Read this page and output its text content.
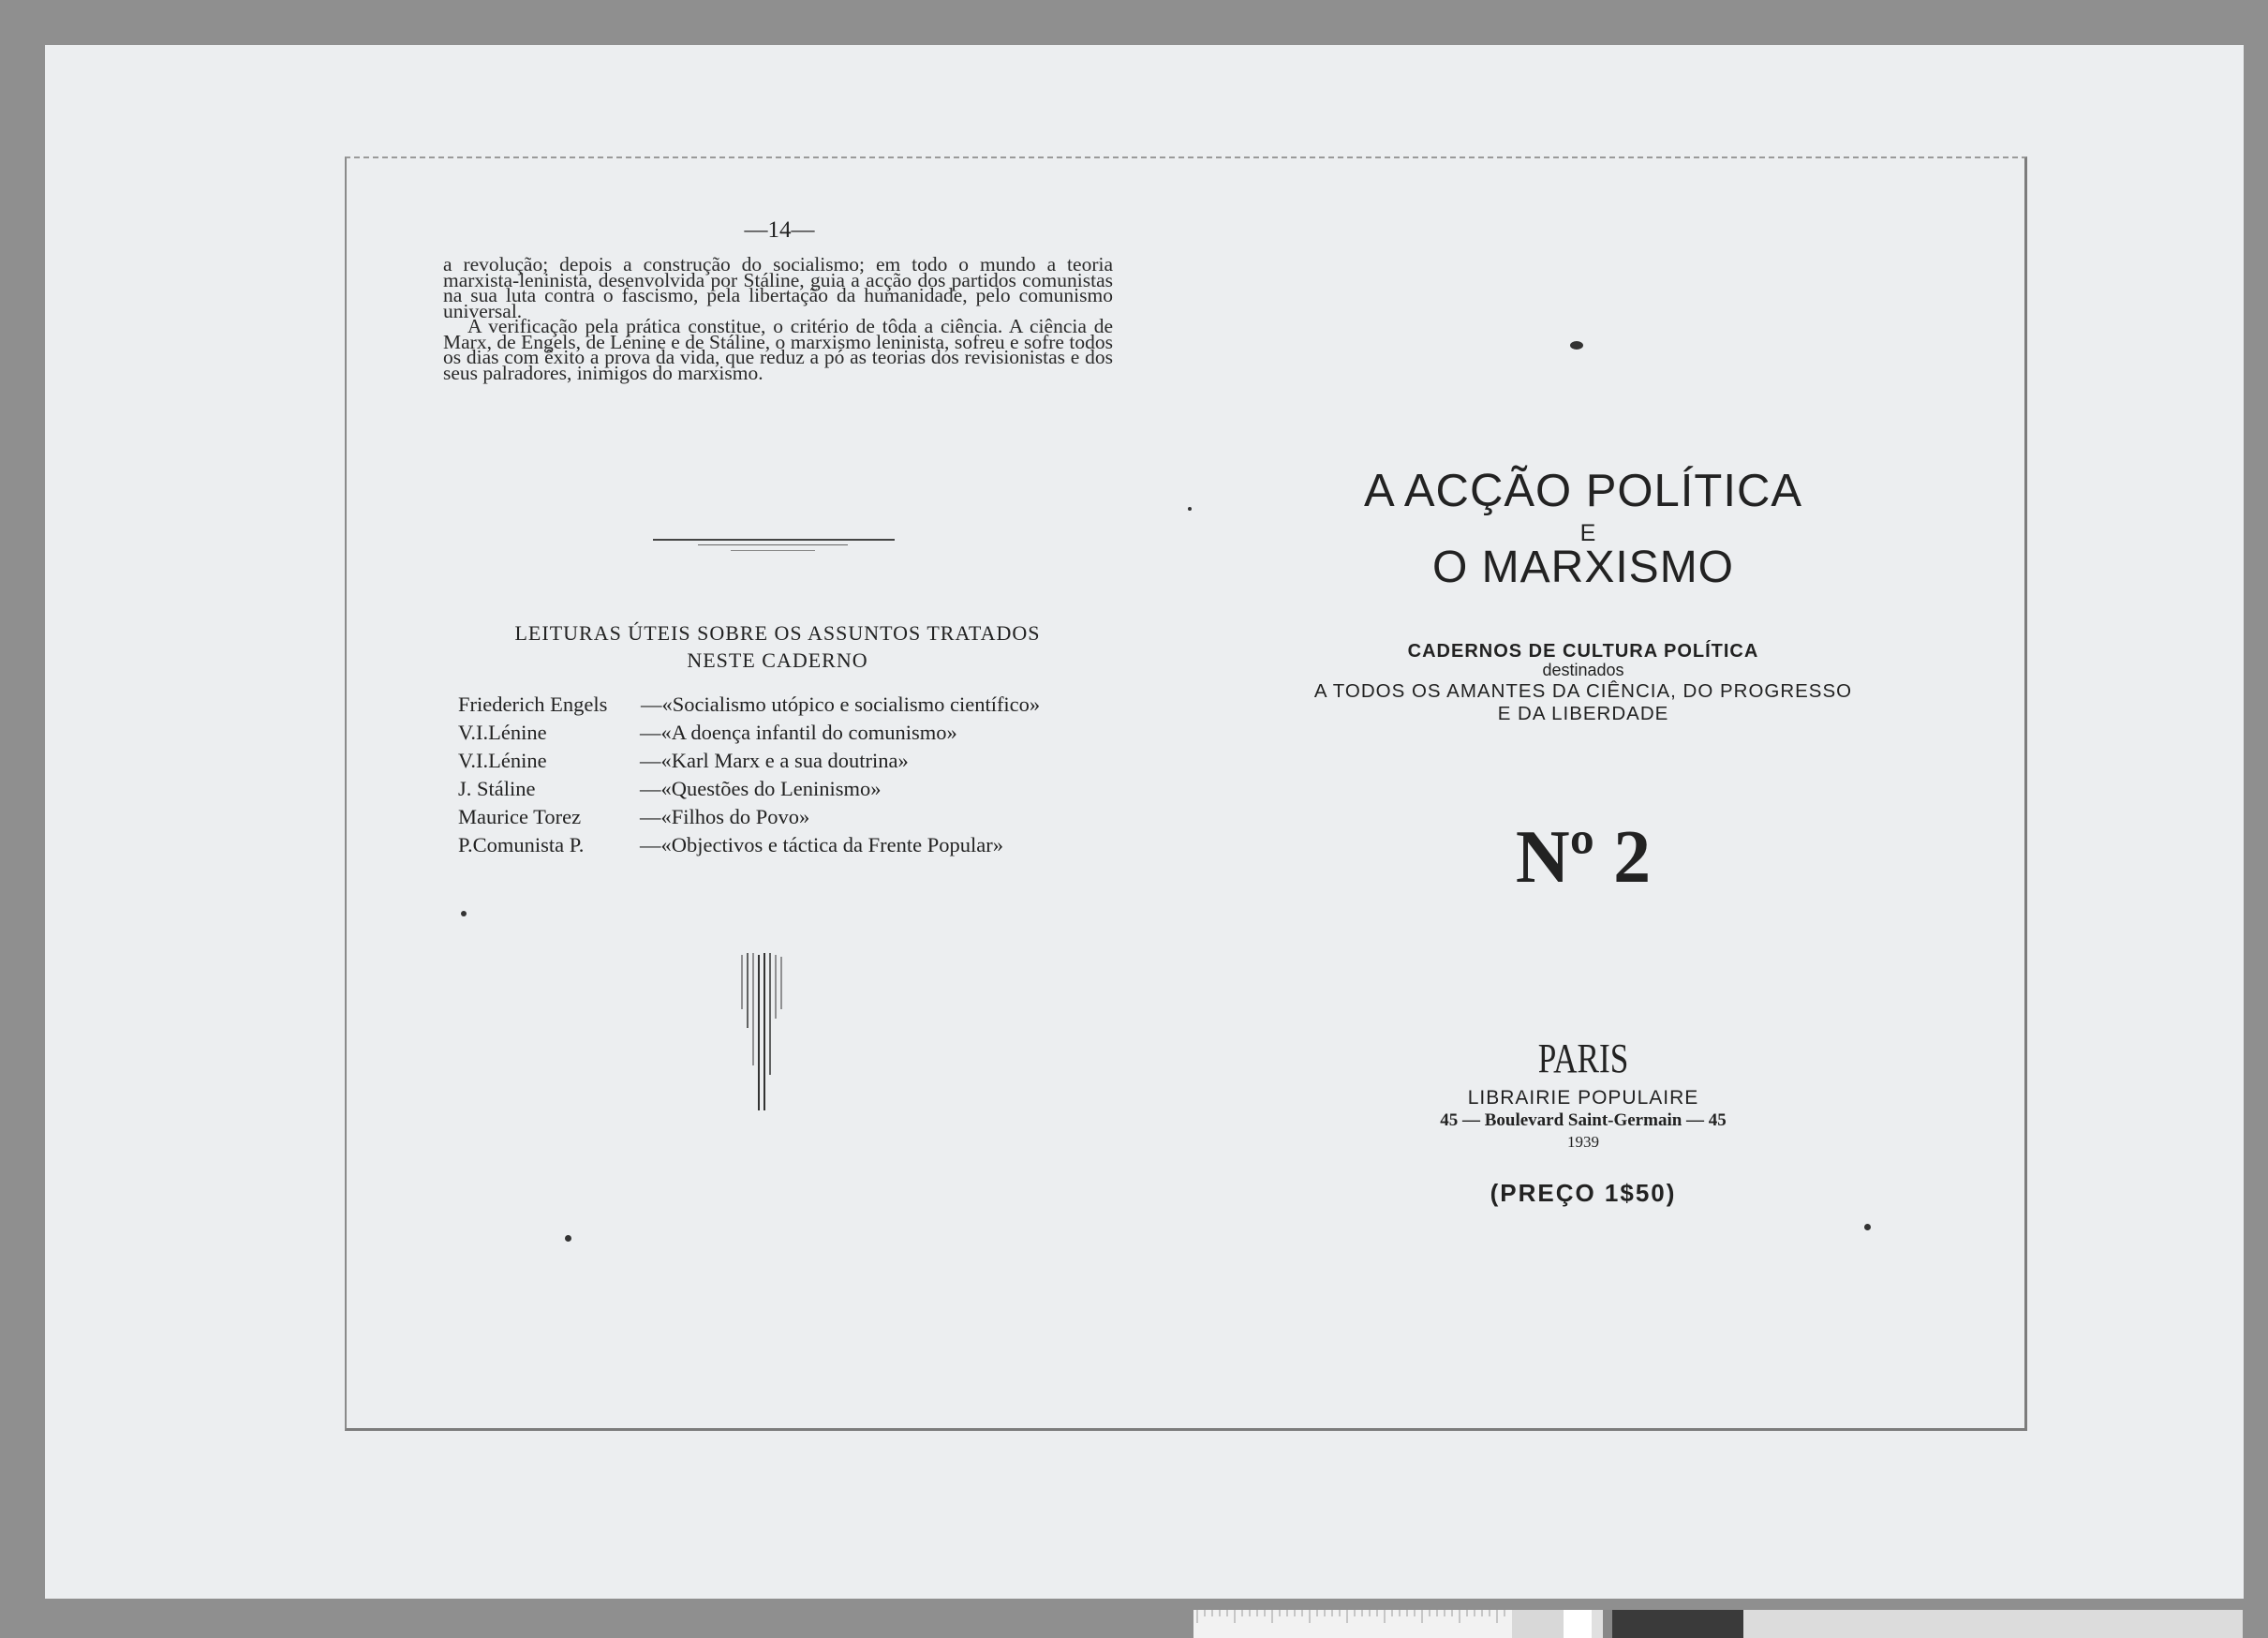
—14—

a revolução; depois a construção do socialismo; em todo o mundo a teoria marxista-leninista, desenvolvida por Stáline, guia a acção dos partidos comunistas na sua luta contra o fascismo, pela libertação da humanidade, pelo comunismo universal.

A verificação pela prática constitue, o critério de tôda a ciência. A ciência de Marx, de Engels, de Lénine e de Stáline, o marxismo leninista, sofreu e sofre todos os dias com êxito a prova da vida, que reduz a pó as teorias dos revisionistas e dos seus palradores, inimigos do marxismo.

LEITURAS ÚTEIS SOBRE OS ASSUNTOS TRATADOS
NESTE CADERNO
Friederich Engels —«Socialismo utópico e socialismo científico»
V.I.Lénine	—«A doença infantil do comunismo»
V.I.Lénine	—«Karl Marx e a sua doutrina»
J. Stáline	—«Questões do Leninismo»
Maurice Torez	—«Filhos do Povo»
P.Comunista P.	—«Objectivos e táctica da Frente Popular»
A ACÇÃO POLÍTICA
E
O MARXISMO
CADERNOS DE CULTURA POLÍTICA
destinados
A TODOS OS AMANTES DA CIÊNCIA, DO PROGRESSO
E DA LIBERDADE
Nº 2
PARIS
LIBRAIRIE POPULAIRE
45 — Boulevard Saint-Germain — 45
1939
(PREÇO 1$50)
